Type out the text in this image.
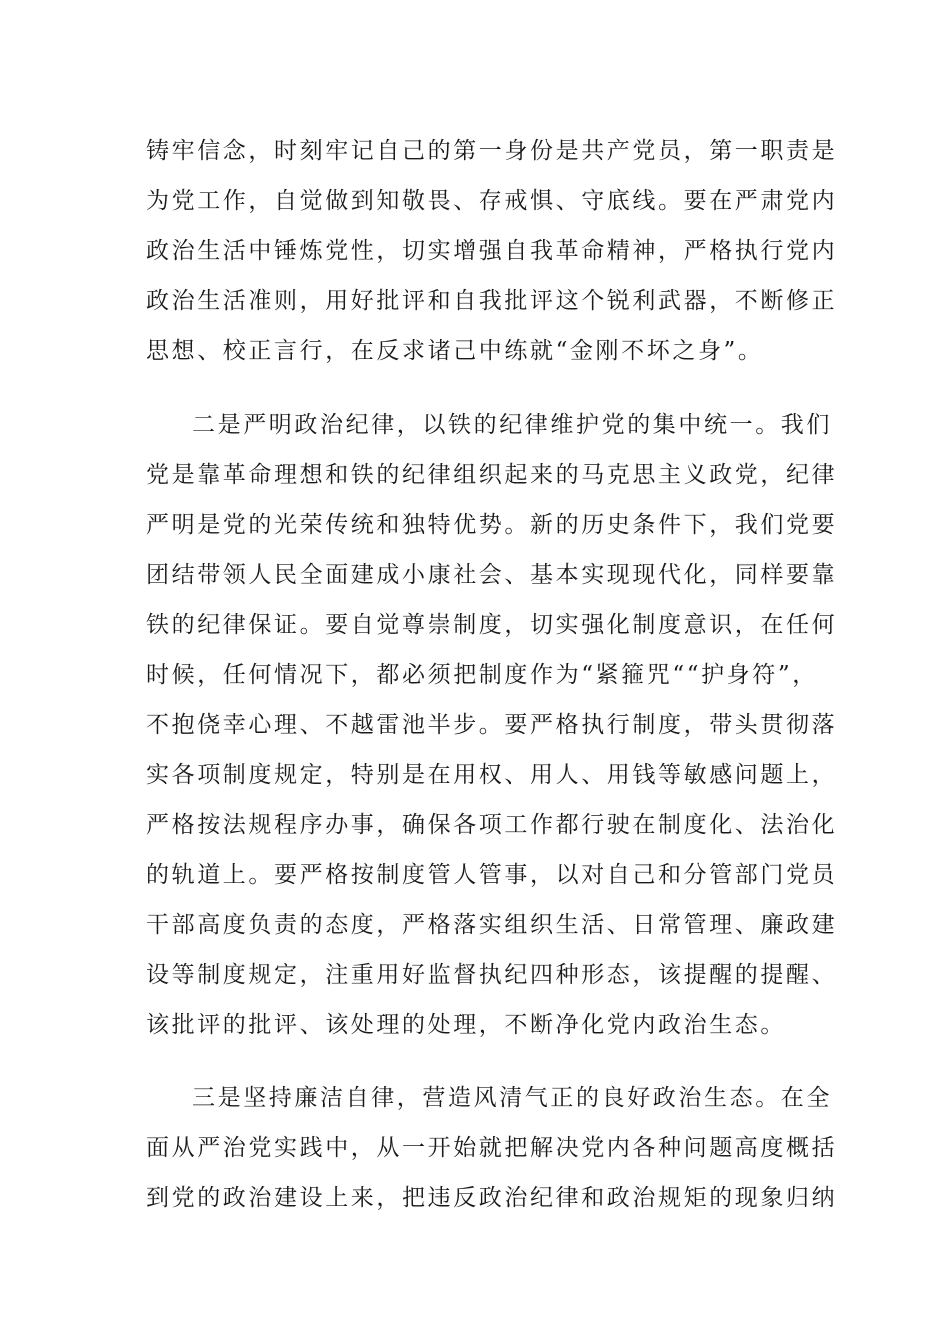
铸牢信念，时刻牢记自己的第一身份是共产党员，第一职责是
为党工作，自觉做到知敬畏、存戒惧、守底线。要在严肃党内
政治生活中锤炼党性，切实增强自我革命精神，严格执行党内
政治生活准则，用好批评和自我批评这个锐利武器，不断修正
思想、校正言行，在反求诸己中练就“金刚不坏之身”。
二是严明政治纪律，以铁的纪律维护党的集中统一。我们
党是靠革命理想和铁的纪律组织起来的马克思主义政党，纪律
严明是党的光荣传统和独特优势。新的历史条件下，我们党要
团结带领人民全面建成小康社会、基本实现现代化，同样要靠
铁的纪律保证。要自觉尊崇制度，切实强化制度意识，在任何
时候，任何情况下，都必须把制度作为“紧箍咒““护身符”，
不抱侥幸心理、不越雷池半步。要严格执行制度，带头贯彻落
实各项制度规定，特别是在用权、用人、用钱等敏感问题上，
严格按法规程序办事，确保各项工作都行驶在制度化、法治化
的轨道上。要严格按制度管人管事，以对自己和分管部门党员
干部高度负责的态度，严格落实组织生活、日常管理、廉政建
设等制度规定，注重用好监督执纪四种形态，该提醒的提醒、
该批评的批评、该处理的处理，不断净化党内政治生态。
三是坚持廉洁自律，营造风清气正的良好政治生态。在全
面从严治党实践中，从一开始就把解决党内各种问题高度概括
到党的政治建设上来，把违反政治纪律和政治规矩的现象归纳
